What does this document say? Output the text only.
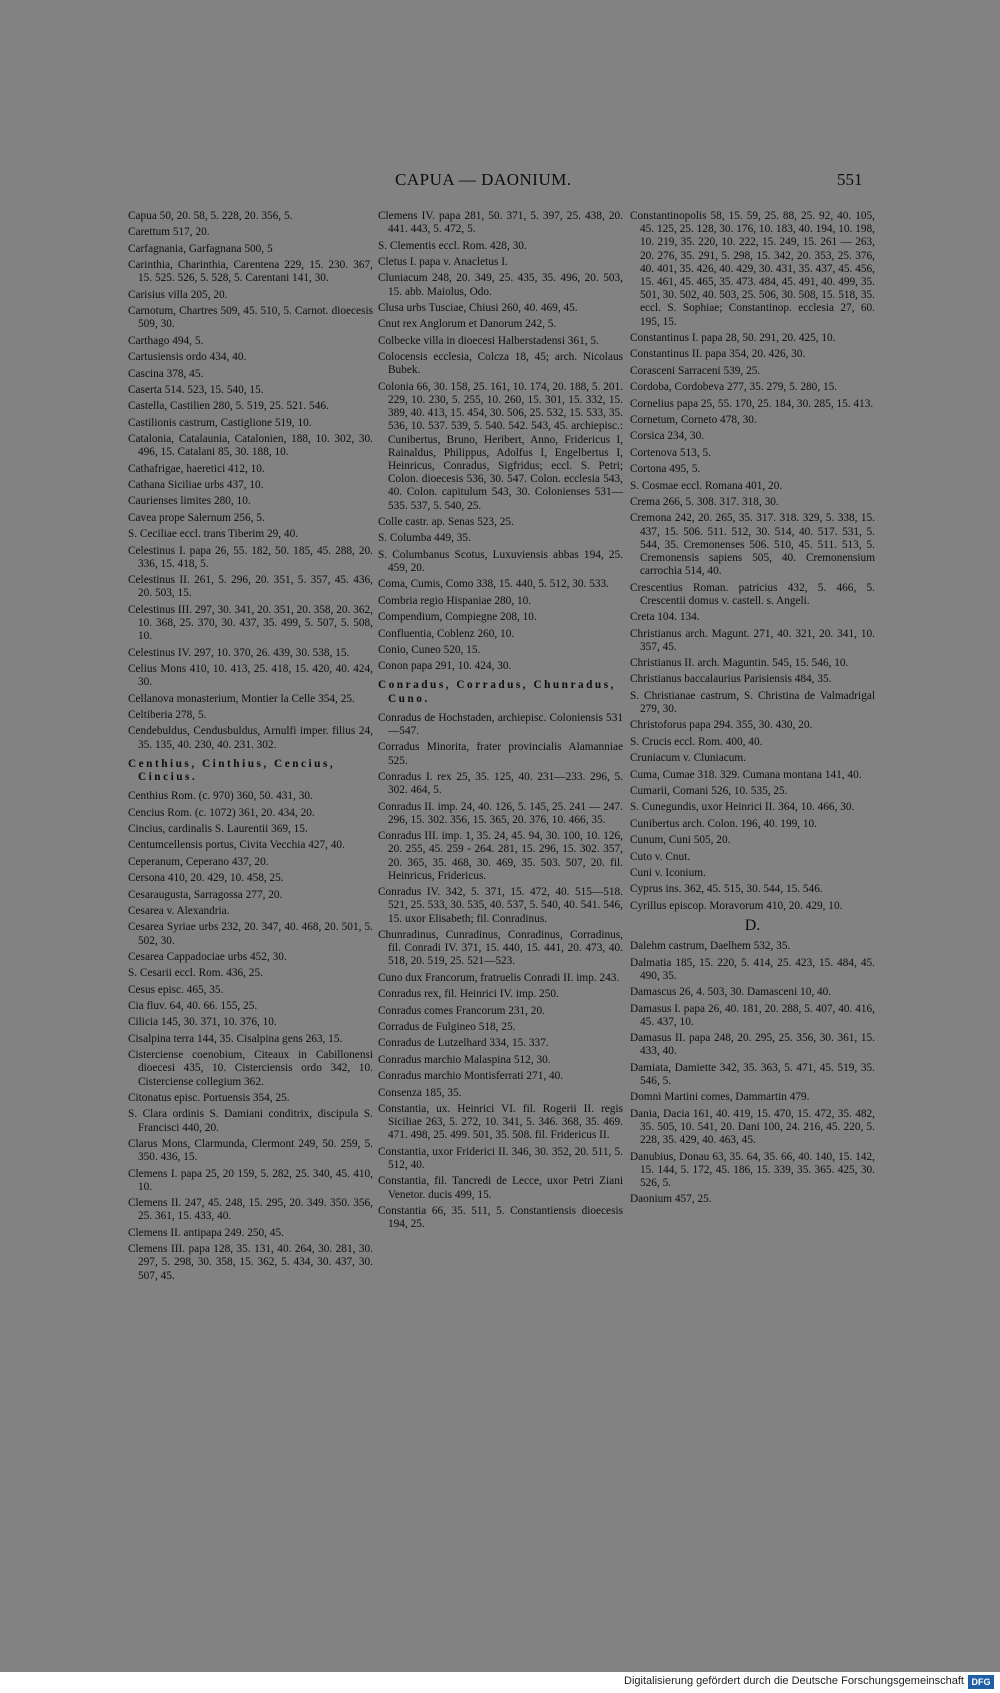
CAPUA — DAONIUM.	551
Capua 50, 20. 58, 5. 228, 20. 356, 5.
Carettum 517, 20.
Carfagnania, Garfagnana 500, 5
Carinthia, Charinthia, Carentena 229, 15. 230. 367, 15. 525. 526, 5. 528, 5. Carentani 141, 30.
Carisius villa 205, 20.
Carnotum, Chartres 509, 45. 510, 5. Carnot. dioecesis 509, 30.
Carthago 494, 5.
Cartusiensis ordo 434, 40.
Cascina 378, 45.
Caserta 514. 523, 15. 540, 15.
Castella, Castilien 280, 5. 519, 25. 521. 546.
Castilionis castrum, Castiglione 519, 10.
Catalonia, Catalaunia, Catalonien, 188, 10. 302, 30. 496, 15. Catalani 85, 30. 188, 10.
Cathafrigae, haeretici 412, 10.
Cathana Siciliae urbs 437, 10.
Caurienses limites 280, 10.
Cavea prope Salernum 256, 5.
S. Ceciliae eccl. trans Tiberim 29, 40.
Celestinus I. papa 26, 55. 182, 50. 185, 45. 288, 20. 336, 15. 418, 5.
Celestinus II. 261, 5. 296, 20. 351, 5. 357, 45. 436, 20. 503, 15.
Celestinus III. 297, 30. 341, 20. 351, 20. 358, 20. 362, 10. 368, 25. 370, 30. 437, 35. 499, 5. 507, 5. 508, 10.
Celestinus IV. 297, 10. 370, 26. 439, 30. 538, 15.
Celius Mons 410, 10. 413, 25. 418, 15. 420, 40. 424, 30.
Cellanova monasterium, Montier la Celle 354, 25.
Celtiberia 278, 5.
Cendebuldus, Cendusbuldus, Arnulfi imper. filius 24, 35. 135, 40. 230, 40. 231. 302.
Centhius, Cinthius, Cencius, Cincius.
Centhius Rom. (c. 970) 360, 50. 431, 30.
Cencius Rom. (c. 1072) 361, 20. 434, 20.
Cincius, cardinalis S. Laurentii 369, 15.
Centumcellensis portus, Civita Vecchia 427, 40.
Ceperanum, Ceperano 437, 20.
Cersona 410, 20. 429, 10. 458, 25.
Cesaraugusta, Sarragossa 277, 20.
Cesarea v. Alexandria.
Cesarea Syriae urbs 232, 20. 347, 40. 468, 20. 501, 5. 502, 30.
Cesarea Cappadociae urbs 452, 30.
S. Cesarii eccl. Rom. 436, 25.
Cesus episc. 465, 35.
Cia fluv. 64, 40. 66. 155, 25.
Cilicia 145, 30. 371, 10. 376, 10.
Cisalpina terra 144, 35. Cisalpina gens 263, 15.
Cisterciense coenobium, Citeaux in Cabillonensi dioecesi 435, 10. Cisterciensis ordo 342, 10. Cisterciense collegium 362.
Citonatus episc. Portuensis 354, 25.
S. Clara ordinis S. Damiani conditrix, discipula S. Francisci 440, 20.
Clarus Mons, Clarmunda, Clermont 249, 50. 259, 5. 350. 436, 15.
Clemens I. papa 25, 20 159, 5. 282, 25. 340, 45. 410, 10.
Clemens II. 247, 45. 248, 15. 295, 20. 349. 350. 356, 25. 361, 15. 433, 40.
Clemens II. antipapa 249. 250, 45.
Clemens III. papa 128, 35. 131, 40. 264, 30. 281, 30. 297, 5. 298, 30. 358, 15. 362, 5. 434, 30. 437, 30. 507, 45.
Clemens IV. papa 281, 50. 371, 5. 397, 25. 438, 20. 441. 443, 5. 472, 5.
S. Clementis eccl. Rom. 428, 30.
Cletus I. papa v. Anacletus I.
Cluniacum 248, 20. 349, 25. 435, 35. 496, 20. 503, 15. abb. Maiolus, Odo.
Clusa urbs Tusciae, Chiusi 260, 40. 469, 45.
Cnut rex Anglorum et Danorum 242, 5.
Colbecke villa in dioecesi Halberstadensi 361, 5.
Colocensis ecclesia, Colcza 18, 45; arch. Nicolaus Bubek.
Colonia 66, 30. 158, 25. 161, 10. 174, 20. 188, 5. 201. 229, 10. 230, 5. 255, 10. 260, 15. 301, 15. 332, 15. 389, 40. 413, 15. 454, 30. 506, 25. 532, 15. 533, 35. 536, 10. 537. 539, 5. 540. 542. 543, 45. archiepisc.: Cunibertus, Bruno, Heribert, Anno, Fridericus I, Rainaldus, Philippus, Adolfus I, Engelbertus I, Heinricus, Conradus, Sigfridus; eccl. S. Petri; Colon. dioecesis 536, 30. 547. Colon. ecclesia 543, 40. Colon. capitulum 543, 30. Colonienses 531—535. 537, 5. 540, 25.
Colle castr. ap. Senas 523, 25.
S. Columba 449, 35.
S. Columbanus Scotus, Luxuviensis abbas 194, 25. 459, 20.
Coma, Cumis, Como 338, 15. 440, 5. 512, 30. 533.
Combria regio Hispaniae 280, 10.
Compendium, Compiegne 208, 10.
Confluentia, Coblenz 260, 10.
Conio, Cuneo 520, 15.
Conon papa 291, 10. 424, 30.
Conradus, Corradus, Chunradus, Cuno.
Conradus de Hochstaden, archiepisc. Coloniensis 531—547.
Corradus Minorita, frater provincialis Alamanniae 525.
Conradus I. rex 25, 35. 125, 40. 231—233. 296, 5. 302. 464, 5.
Conradus II. imp. 24, 40. 126, 5. 145, 25. 241 — 247. 296, 15. 302. 356, 15. 365, 20. 376, 10. 466, 35.
Conradus III. imp. 1, 35. 24, 45. 94, 30. 100, 10. 126, 20. 255, 45. 259 - 264. 281, 15. 296, 15. 302. 357, 20. 365, 35. 468, 30. 469, 35. 503. 507, 20. fil. Heinricus, Fridericus.
Conradus IV. 342, 5. 371, 15. 472, 40. 515—518. 521, 25. 533, 30. 535, 40. 537, 5. 540, 40. 541. 546, 15. uxor Elisabeth; fil. Conradinus.
Chunradinus, Cunradinus, Conradinus, Corradinus, fil. Conradi IV. 371, 15. 440, 15. 441, 20. 473, 40. 518, 20. 519, 25. 521—523.
Cuno dux Francorum, fratruelis Conradi II. imp. 243.
Conradus rex, fil. Heinrici IV. imp. 250.
Conradus comes Francorum 231, 20.
Corradus de Fulgineo 518, 25.
Conradus de Lutzelhard 334, 15. 337.
Conradus marchio Malaspina 512, 30.
Conradus marchio Montisferrati 271, 40.
Consenza 185, 35.
Constantia, ux. Heinrici VI. fil. Rogerii II. regis Siciliae 263, 5. 272, 10. 341, 5. 346. 368, 35. 469. 471. 498, 25. 499. 501, 35. 508. fil. Fridericus II.
Constantia, uxor Friderici II. 346, 30. 352, 20. 511, 5. 512, 40.
Constantia, fil. Tancredi de Lecce, uxor Petri Ziani Venetor. ducis 499, 15.
Constantia 66, 35. 511, 5. Constantiensis dioecesis 194, 25.
Constantinopolis 58, 15. 59, 25. 88, 25. 92, 40. 105, 45. 125, 25. 128, 30. 176, 10. 183, 40. 194, 10. 198, 10. 219, 35. 220, 10. 222, 15. 249, 15. 261 — 263, 20. 276, 35. 291, 5. 298, 15. 342, 20. 353, 25. 376, 40. 401, 35. 426, 40. 429, 30. 431, 35. 437, 45. 456, 15. 461, 45. 465, 35. 473. 484, 45. 491, 40. 499, 35. 501, 30. 502, 40. 503, 25. 506, 30. 508, 15. 518, 35. eccl. S. Sophiae; Constantinop. ecclesia 27, 60. 195, 15.
Constantinus I. papa 28, 50. 291, 20. 425, 10.
Constantinus II. papa 354, 20. 426, 30.
Corasceni Sarraceni 539, 25.
Cordoba, Cordobeva 277, 35. 279, 5. 280, 15.
Cornelius papa 25, 55. 170, 25. 184, 30. 285, 15. 413.
Cornetum, Corneto 478, 30.
Corsica 234, 30.
Cortenova 513, 5.
Cortona 495, 5.
S. Cosmae eccl. Romana 401, 20.
Crema 266, 5. 308. 317. 318, 30.
Cremona 242, 20. 265, 35. 317. 318. 329, 5. 338, 15. 437, 15. 506. 511. 512, 30. 514, 40. 517. 531, 5. 544, 35. Cremonenses 506. 510, 45. 511. 513, 5. Cremonensis sapiens 505, 40. Cremonensium carrochia 514, 40.
Crescentius Roman. patricius 432, 5. 466, 5. Crescentii domus v. castell. s. Angeli.
Creta 104. 134.
Christianus arch. Magunt. 271, 40. 321, 20. 341, 10. 357, 45.
Christianus II. arch. Maguntin. 545, 15. 546, 10.
Christianus baccalaurius Parisiensis 484, 35.
S. Christianae castrum, S. Christina de Valmadrigal 279, 30.
Christoforus papa 294. 355, 30. 430, 20.
S. Crucis eccl. Rom. 400, 40.
Cruniacum v. Cluniacum.
Cuma, Cumae 318. 329. Cumana montana 141, 40.
Cumarii, Comani 526, 10. 535, 25.
S. Cunegundis, uxor Heinrici II. 364, 10. 466, 30.
Cunibertus arch. Colon. 196, 40. 199, 10.
Cunum, Cuni 505, 20.
Cuto v. Cnut.
Cuni v. Iconium.
Cyprus ins. 362, 45. 515, 30. 544, 15. 546.
Cyrillus episcop. Moravorum 410, 20. 429, 10.
D.
Dalehm castrum, Daelhem 532, 35.
Dalmatia 185, 15. 220, 5. 414, 25. 423, 15. 484, 45. 490, 35.
Damascus 26, 4. 503, 30. Damasceni 10, 40.
Damasus I. papa 26, 40. 181, 20. 288, 5. 407, 40. 416, 45. 437, 10.
Damasus II. papa 248, 20. 295, 25. 356, 30. 361, 15. 433, 40.
Damiata, Damiette 342, 35. 363, 5. 471, 45. 519, 35. 546, 5.
Domni Martini comes, Dammartin 479.
Dania, Dacia 161, 40. 419, 15. 470, 15. 472, 35. 482, 35. 505, 10. 541, 20. Dani 100, 24. 216, 45. 220, 5. 228, 35. 429, 40. 463, 45.
Danubius, Donau 63, 35. 64, 35. 66, 40. 140, 15. 142, 15. 144, 5. 172, 45. 186, 15. 339, 35. 365. 425, 30. 526, 5.
Daonium 457, 25.
Digitalisierung gefördert durch die Deutsche Forschungsgemeinschaft DFG
